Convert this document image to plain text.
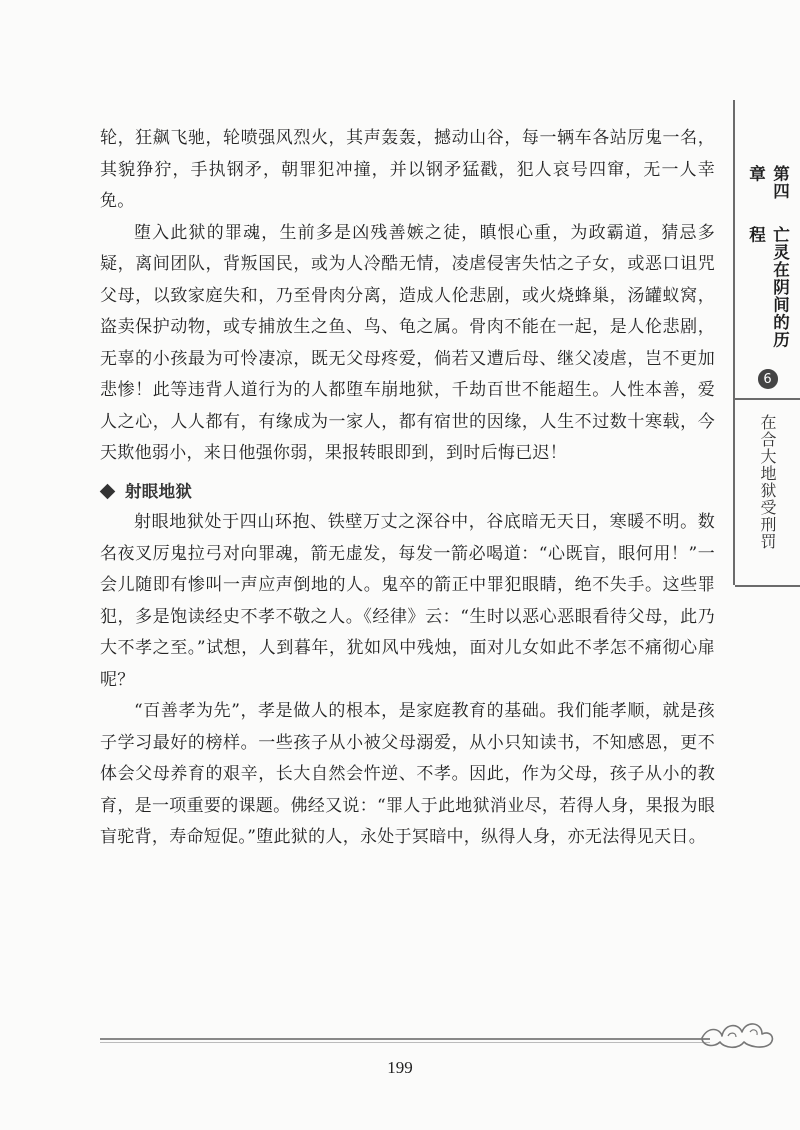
轮，狂飙飞驰，轮喷强风烈火，其声轰轰，撼动山谷，每一辆车各站厉鬼一名，其貌狰狞，手执钢矛，朝罪犯冲撞，并以钢矛猛戳，犯人哀号四窜，无一人幸免。

堕入此狱的罪魂，生前多是凶残善嫉之徒，瞋恨心重，为政霸道，猜忌多疑，离间团队，背叛国民，或为人冷酷无情，凌虐侵害失怙之子女，或恶口诅咒父母，以致家庭失和，乃至骨肉分离，造成人伦悲剧，或火烧蜂巢，汤罐蚁窝，盗卖保护动物，或专捕放生之鱼、鸟、龟之属。骨肉不能在一起，是人伦悲剧，无辜的小孩最为可怜凄凉，既无父母疼爱，倘若又遭后母、继父凌虐，岂不更加悲惨！此等违背人道行为的人都堕车崩地狱，千劫百世不能超生。人性本善，爱人之心，人人都有，有缘成为一家人，都有宿世的因缘，人生不过数十寒载，今天欺他弱小，来日他强你弱，果报转眼即到，到时后悔已迟！

射眼地狱

射眼地狱处于四山环抱、铁壁万丈之深谷中，谷底暗无天日，寒暖不明。数名夜叉厉鬼拉弓对向罪魂，箭无虚发，每发一箭必喝道：“心既盲，眼何用！”一会儿随即有惨叫一声应声倒地的人。鬼卒的箭正中罪犯眼睛，绝不失手。这些罪犯，多是饱读经史不孝不敬之人。《经律》云：“生时以恶心恶眼看待父母，此乃大不孝之至。”试想，人到暮年，犹如风中残烛，面对儿女如此不孝怎不痛彻心扉呢？

“百善孝为先”，孝是做人的根本，是家庭教育的基础。我们能孝顺，就是孩子学习最好的榜样。一些孩子从小被父母溺爱，从小只知读书，不知感恩，更不体会父母养育的艰辛，长大自然会忤逆、不孝。因此，作为父母，孩子从小的教育，是一项重要的课题。佛经又说：“罪人于此地狱消业尽，若得人身，果报为眼盲驼背，寿命短促。”堕此狱的人，永处于冥暗中，纵得人身，亦无法得见天日。

第四章
亡灵在阴间的历程
6
在合大地狱受刑罚
199
